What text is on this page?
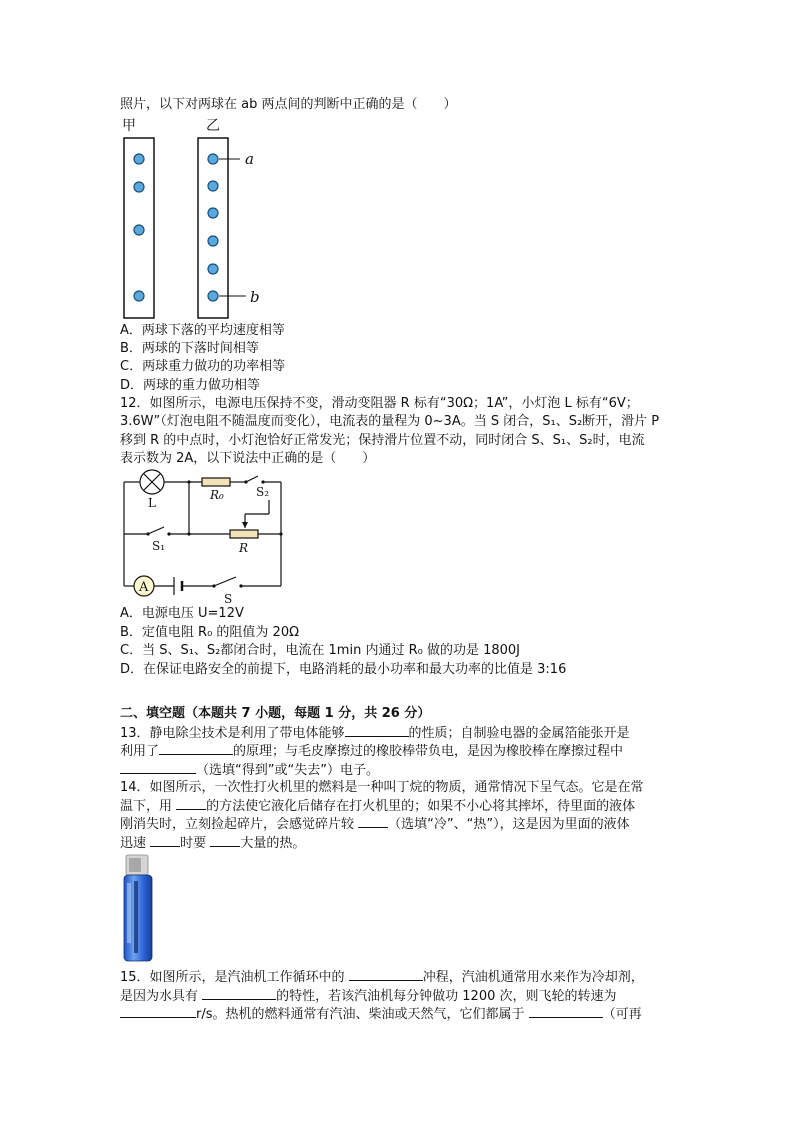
照片，以下对两球在 ab 两点间的判断中正确的是（　　）
甲	乙
a
b
A．两球下落的平均速度相等
B．两球的下落时间相等
C．两球重力做功的功率相等
D．两球的重力做功相等
12．如图所示，电源电压保持不变，滑动变阻器 R 标有“30Ω；1A”，小灯泡 L 标有“6V；
3.6W”（灯泡电阻不随温度而变化），电流表的量程为 0~3A。当 S 闭合，S₁、S₂断开，滑片 P
移到 R 的中点时，小灯泡恰好正常发光；保持滑片位置不动，同时闭合 S、S₁、S₂时，电流
表示数为 2A，以下说法中正确的是（　　）
A
L
R₀	S₂
S₁	R
S
A．电源电压 U=12V
B．定值电阻 R₀ 的阻值为 20Ω
C．当 S、S₁、S₂都闭合时，电流在 1min 内通过 R₀ 做的功是 1800J
D．在保证电路安全的前提下，电路消耗的最小功率和最大功率的比值是 3:16
二、填空题（本题共 7 小题，每题 1 分，共 26 分）
13．静电除尘技术是利用了带电体能够	的性质；自制验电器的金属箔能张开是
利用了	的原理；与毛皮摩擦过的橡胶棒带负电，是因为橡胶棒在摩擦过程中
（选填“得到”或“失去”）电子。
14．如图所示，一次性打火机里的燃料是一种叫丁烷的物质，通常情况下呈气态。它是在常
温下，用	的方法使它液化后储存在打火机里的；如果不小心将其摔坏，待里面的液体
刚消失时，立刻捡起碎片，会感觉碎片较	（选填“冷”、“热”），这是因为里面的液体
迅速	时要	大量的热。
15．如图所示，是汽油机工作循环中的	冲程，汽油机通常用水来作为冷却剂，
是因为水具有	的特性，若该汽油机每分钟做功 1200 次，则飞轮的转速为
r/s。热机的燃料通常有汽油、柴油或天然气，它们都属于	（可再
